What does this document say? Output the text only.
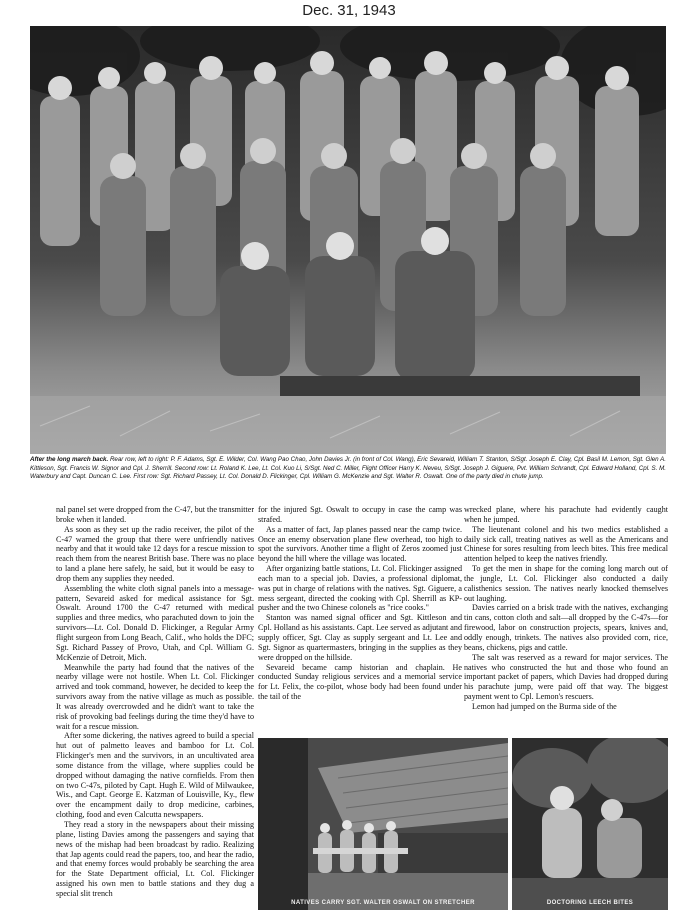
Dec. 31, 1943
After the long march back. Rear row, left to right: P. F. Adams, Sgt. E. Wilder, Col. Wang Pao Chao, John Davies Jr. (in front of Col. Wang), Eric Sevareid, William T. Stanton, S/Sgt. Joseph E. Clay, Cpl. Basil M. Lemon, Sgt. Glen A. Kittleson, Sgt. Francis W. Signor and Cpl. J. Sherrill. Second row: Lt. Roland K. Lee, Lt. Col. Kuo Li, S/Sgt. Ned C. Miller, Flight Officer Harry K. Neveu, S/Sgt. Joseph J. Giguere, Pvt. William Schrandt, Cpl. Edward Holland, Cpl. S. M. Waterbury and Capt. Duncan C. Lee. First row: Sgt. Richard Passey, Lt. Col. Donald D. Flickinger, Cpl. William G. McKenzie and Sgt. Walter R. Oswalt. One of the party died in chute jump.

nal panel set were dropped from the C-47, but the transmitter broke when it landed.

As soon as they set up the radio receiver, the pilot of the C-47 warned the group that there were unfriendly natives nearby and that it would take 12 days for a rescue mission to reach them from the nearest British base. There was no place to land a plane here safely, he said, but it would be easy to drop them any supplies they needed.

Assembling the white cloth signal panels into a message-pattern, Sevareid asked for medical assistance for Sgt. Oswalt. Around 1700 the C-47 returned with medical supplies and three medics, who parachuted down to join the survivors—Lt. Col. Donald D. Flickinger, a Regular Army flight surgeon from Long Beach, Calif., who holds the DFC; Sgt. Richard Passey of Provo, Utah, and Cpl. William G. McKenzie of Detroit, Mich.

Meanwhile the party had found that the natives of the nearby village were not hostile. When Lt. Col. Flickinger arrived and took command, however, he decided to keep the survivors away from the native village as much as possible. It was already overcrowded and he didn't want to take the risk of provoking bad feelings during the time they'd have to wait for a rescue mission.

After some dickering, the natives agreed to build a special hut out of palmetto leaves and bamboo for Lt. Col. Flickinger's men and the survivors, in an uncultivated area some distance from the village, where supplies could be dropped without damaging the native cornfields. From then on two C-47s, piloted by Capt. Hugh E. Wild of Milwaukee, Wis., and Capt. George E. Katzman of Louisville, Ky., flew over the encampment daily to drop medicine, carbines, clothing, food and even Calcutta newspapers.

They read a story in the newspapers about their missing plane, listing Davies among the passengers and saying that news of the mishap had been broadcast by radio. Realizing that Jap agents could read the papers, too, and hear the radio, and that enemy forces would probably be searching the area for the State Department official, Lt. Col. Flickinger assigned his own men to battle stations and they dug a special slit trench

for the injured Sgt. Oswalt to occupy in case the camp was strafed.

As a matter of fact, Jap planes passed near the camp twice. Once an enemy observation plane flew overhead, too high to spot the survivors. Another time a flight of Zeros zoomed just beyond the hill where the village was located.

After organizing battle stations, Lt. Col. Flickinger assigned each man to a special job. Davies, a professional diplomat, was put in charge of relations with the natives. Sgt. Giguere, a mess sergeant, directed the cooking with Cpl. Sherrill as KP-pusher and the two Chinese colonels as "rice cooks."

Stanton was named signal officer and Sgt. Kittleson and Cpl. Holland as his assistants. Capt. Lee served as adjutant and supply officer, Sgt. Clay as supply sergeant and Lt. Lee and Sgt. Signor as quartermasters, bringing in the supplies as they were dropped on the hillside.

Sevareid became camp historian and chaplain. He conducted Sunday religious services and a memorial service for Lt. Felix, the co-pilot, whose body had been found under the tail of the

wrecked plane, where his parachute had evidently caught when he jumped.

The lieutenant colonel and his two medics established a daily sick call, treating natives as well as the Americans and Chinese for sores resulting from leech bites. This free medical attention helped to keep the natives friendly.

To get the men in shape for the coming long march out of the jungle, Lt. Col. Flickinger also conducted a daily calisthenics session. The natives nearly knocked themselves out laughing.

Davies carried on a brisk trade with the natives, exchanging tin cans, cotton cloth and salt—all dropped by the C-47s—for firewood, labor on construction projects, spears, knives and, oddly enough, trinkets. The natives also provided corn, rice, beans, chickens, pigs and cattle.

The salt was reserved as a reward for major services. The natives who constructed the hut and those who found an important packet of papers, which Davies had dropped during his parachute jump, were paid off that way. The biggest payment went to Cpl. Lemon's rescuers.

Lemon had jumped on the Burma side of the

NATIVES CARRY SGT. WALTER OSWALT ON STRETCHER	DOCTORING LEECH BITES
